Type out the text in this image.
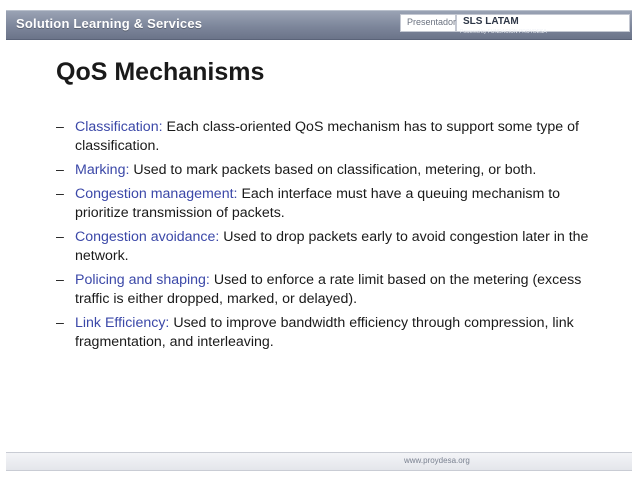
Solution Learning & Services	Presentador SLS LATAM
Powered by FUNDACIÓN PROYDESA
QoS Mechanisms
– Classification: Each class-oriented QoS mechanism has to support some type of classification.
– Marking: Used to mark packets based on classification, metering, or both.
– Congestion management: Each interface must have a queuing mechanism to prioritize transmission of packets.
– Congestion avoidance: Used to drop packets early to avoid congestion later in the network.
– Policing and shaping: Used to enforce a rate limit based on the metering (excess traffic is either dropped, marked, or delayed).
– Link Efficiency: Used to improve bandwidth efficiency through compression, link fragmentation, and interleaving.
www.proydesa.org
